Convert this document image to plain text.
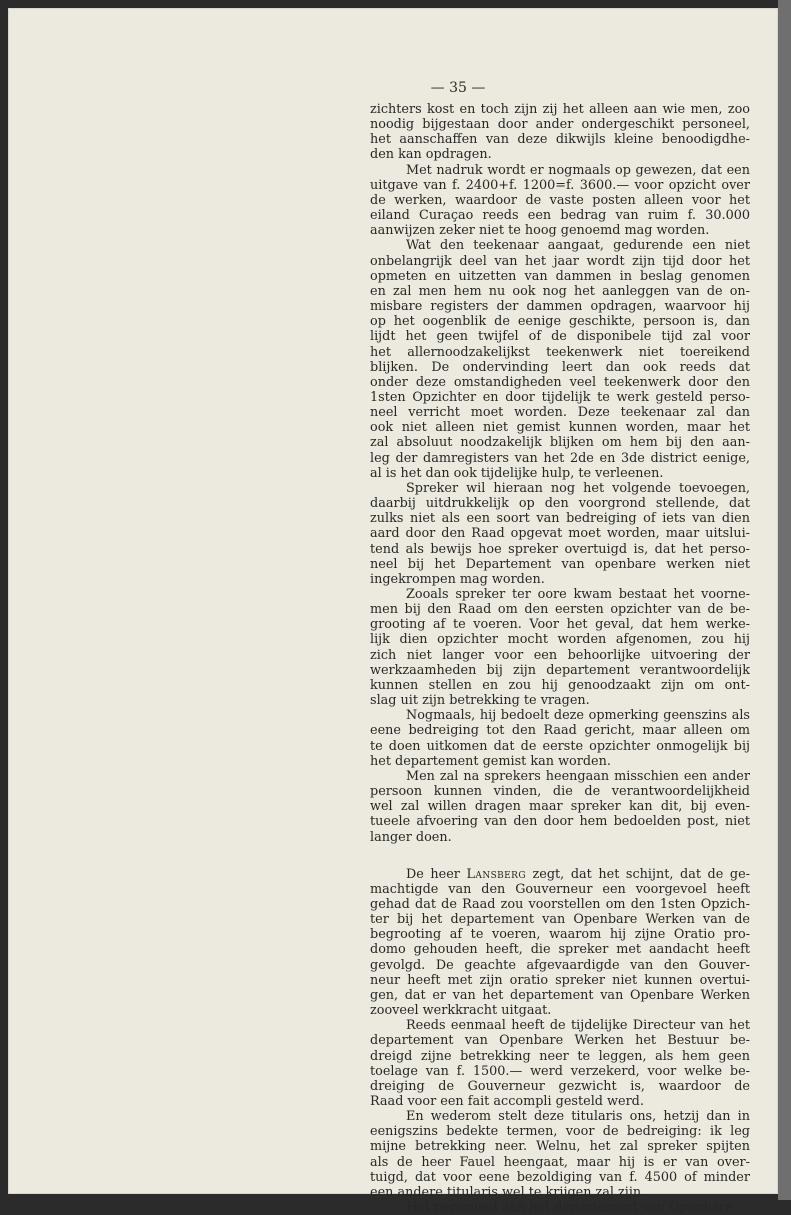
— 35 —

zichters kost en toch zijn zij het alleen aan wie men, zoo
noodig bijgestaan door ander ondergeschikt personeel,
het aanschaffen van deze dikwijls kleine benoodigdhe-
den kan opdragen.

Met nadruk wordt er nogmaals op gewezen, dat een
uitgave van f. 2400+f. 1200=f. 3600.— voor opzicht over
de werken, waardoor de vaste posten alleen voor het
eiland Curaçao reeds een bedrag van ruim f. 30.000
aanwijzen zeker niet te hoog genoemd mag worden.

Wat den teekenaar aangaat, gedurende een niet
onbelangrijk deel van het jaar wordt zijn tijd door het
opmeten en uitzetten van dammen in beslag genomen
en zal men hem nu ook nog het aanleggen van de on-
misbare registers der dammen opdragen, waarvoor hij
op het oogenblik de eenige geschikte, persoon is, dan
lijdt het geen twijfel of de disponibele tijd zal voor
het allernoodzakelijkst teekenwerk niet toereikend
blijken. De ondervinding leert dan ook reeds dat
onder deze omstandigheden veel teekenwerk door den
1sten Opzichter en door tijdelijk te werk gesteld perso-
neel verricht moet worden. Deze teekenaar zal dan
ook niet alleen niet gemist kunnen worden, maar het
zal absoluut noodzakelijk blijken om hem bij den aan-
leg der damregisters van het 2de en 3de district eenige,
al is het dan ook tijdelijke hulp, te verleenen.

Spreker wil hieraan nog het volgende toevoegen,
daarbij uitdrukkelijk op den voorgrond stellende, dat
zulks niet als een soort van bedreiging of iets van dien
aard door den Raad opgevat moet worden, maar uitslui-
tend als bewijs hoe spreker overtuigd is, dat het perso-
neel bij het Departement van openbare werken niet
ingekrompen mag worden.

Zooals spreker ter oore kwam bestaat het voorne-
men bij den Raad om den eersten opzichter van de be-
grooting af te voeren. Voor het geval, dat hem werke-
lijk dien opzichter mocht worden afgenomen, zou hij
zich niet langer voor een behoorlijke uitvoering der
werkzaamheden bij zijn departement verantwoordelijk
kunnen stellen en zou hij genoodzaakt zijn om ont-
slag uit zijn betrekking te vragen.

Nogmaals, hij bedoelt deze opmerking geenszins als
eene bedreiging tot den Raad gericht, maar alleen om
te doen uitkomen dat de eerste opzichter onmogelijk bij
het departement gemist kan worden.

Men zal na sprekers heengaan misschien een ander
persoon kunnen vinden, die de verantwoordelijkheid
wel zal willen dragen maar spreker kan dit, bij even-
tueele afvoering van den door hem bedoelden post, niet
langer doen.

De heer Lansberg zegt, dat het schijnt, dat de ge-
machtigde van den Gouverneur een voorgevoel heeft
gehad dat de Raad zou voorstellen om den 1sten Opzich-
ter bij het departement van Openbare Werken van de
begrooting af te voeren, waarom hij zijne Oratio pro-
domo gehouden heeft, die spreker met aandacht heeft
gevolgd. De geachte afgevaardigde van den Gouver-
neur heeft met zijn oratio spreker niet kunnen overtui-
gen, dat er van het departement van Openbare Werken
zooveel werkkracht uitgaat.

Reeds eenmaal heeft de tijdelijke Directeur van het
departement van Openbare Werken het Bestuur be-
dreigd zijne betrekking neer te leggen, als hem geen
toelage van f. 1500.— werd verzekerd, voor welke be-
dreiging de Gouverneur gezwicht is, waardoor de
Raad voor een fait accompli gesteld werd.

En wederom stelt deze titularis ons, hetzij dan in
eenigszins bedekte termen, voor de bedreiging: ik leg
mijne betrekking neer. Welnu, het zal spreker spijten
als de heer Fauel heengaat, maar hij is er van over-
tuigd, dat voor eene bezoldiging van f. 4500 of minder
een andere titularis wel te krijgen zal zijn.

Het personeel aan het departement van Openbare
